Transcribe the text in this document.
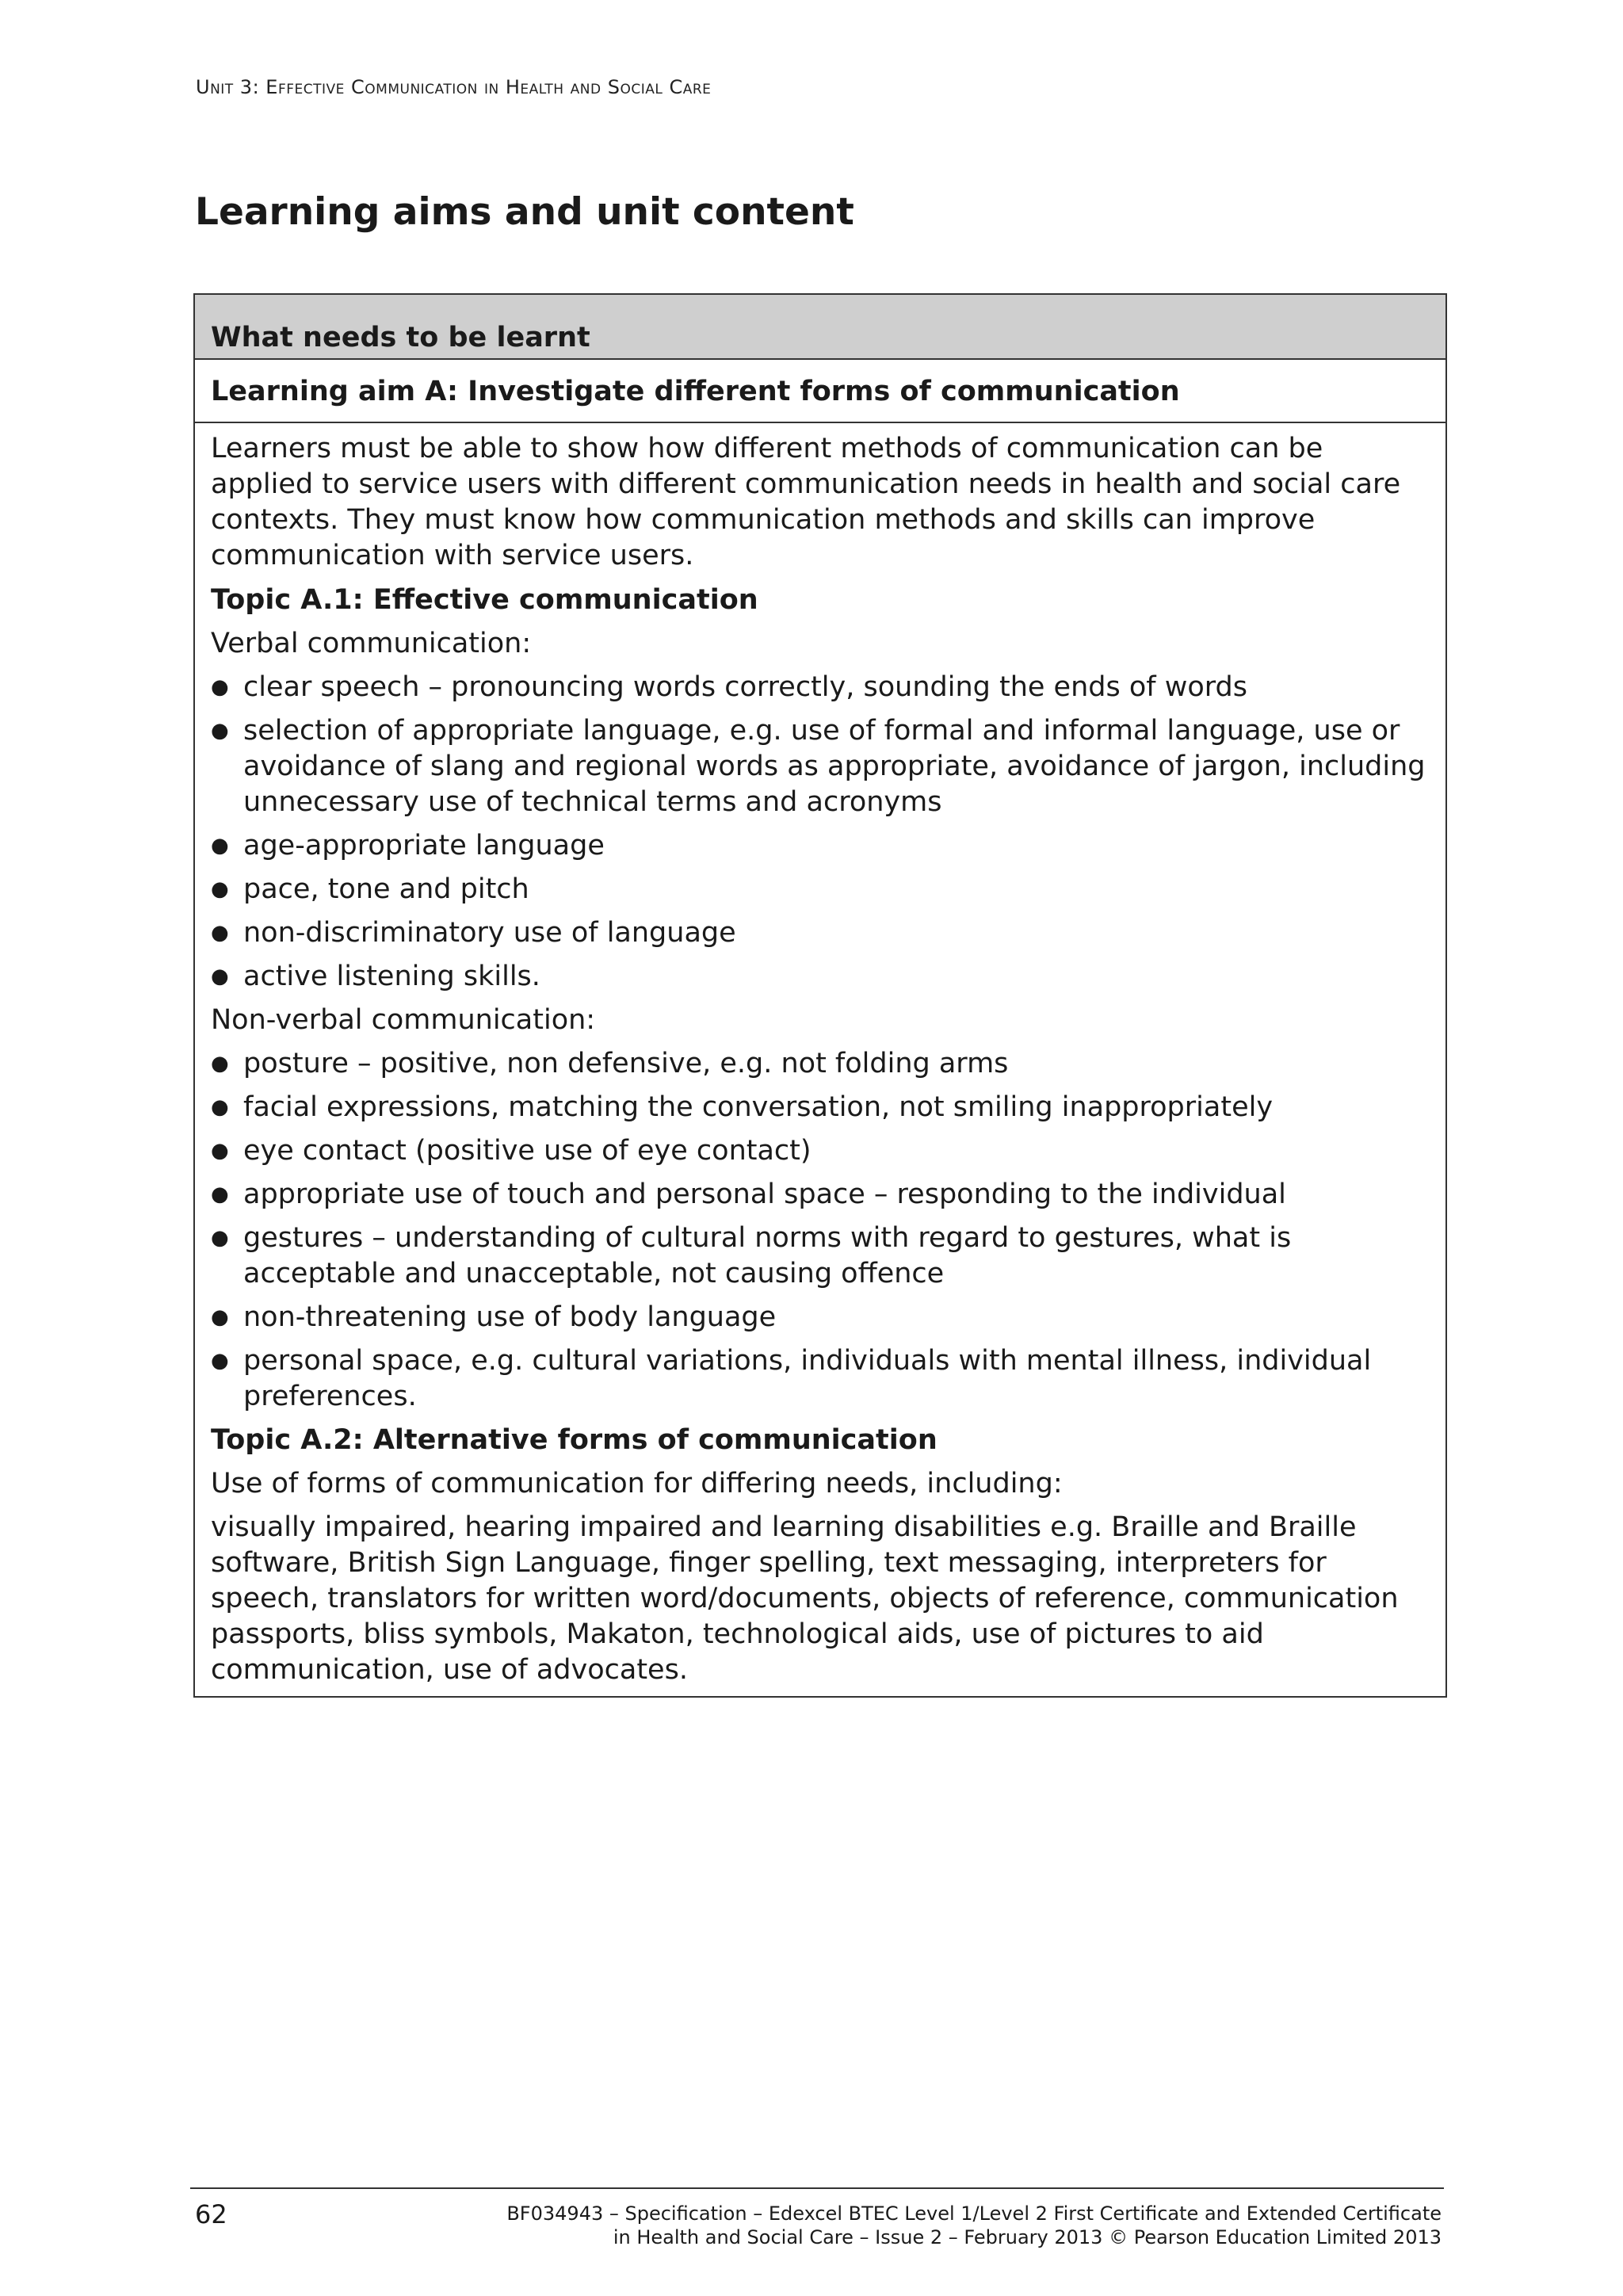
Unit 3: Effective Communication in Health and Social Care
Learning aims and unit content
What needs to be learnt
Learning aim A: Investigate different forms of communication

Learners must be able to show how different methods of communication can be applied to service users with different communication needs in health and social care contexts. They must know how communication methods and skills can improve communication with service users.

Topic A.1: Effective communication

Verbal communication:

● clear speech – pronouncing words correctly, sounding the ends of words
● selection of appropriate language, e.g. use of formal and informal language, use or avoidance of slang and regional words as appropriate, avoidance of jargon, including unnecessary use of technical terms and acronyms
● age-appropriate language
● pace, tone and pitch
● non-discriminatory use of language
● active listening skills.

Non-verbal communication:

● posture – positive, non defensive, e.g. not folding arms
● facial expressions, matching the conversation, not smiling inappropriately
● eye contact (positive use of eye contact)
● appropriate use of touch and personal space – responding to the individual
● gestures – understanding of cultural norms with regard to gestures, what is acceptable and unacceptable, not causing offence
● non-threatening use of body language
● personal space, e.g. cultural variations, individuals with mental illness, individual preferences.

Topic A.2: Alternative forms of communication

Use of forms of communication for differing needs, including:

visually impaired, hearing impaired and learning disabilities e.g. Braille and Braille software, British Sign Language, finger spelling, text messaging, interpreters for speech, translators for written word/documents, objects of reference, communication passports, bliss symbols, Makaton, technological aids, use of pictures to aid communication, use of advocates.

62	BF034943 – Specification – Edexcel BTEC Level 1/Level 2 First Certificate and Extended Certificate
in Health and Social Care – Issue 2 – February 2013 © Pearson Education Limited 2013
